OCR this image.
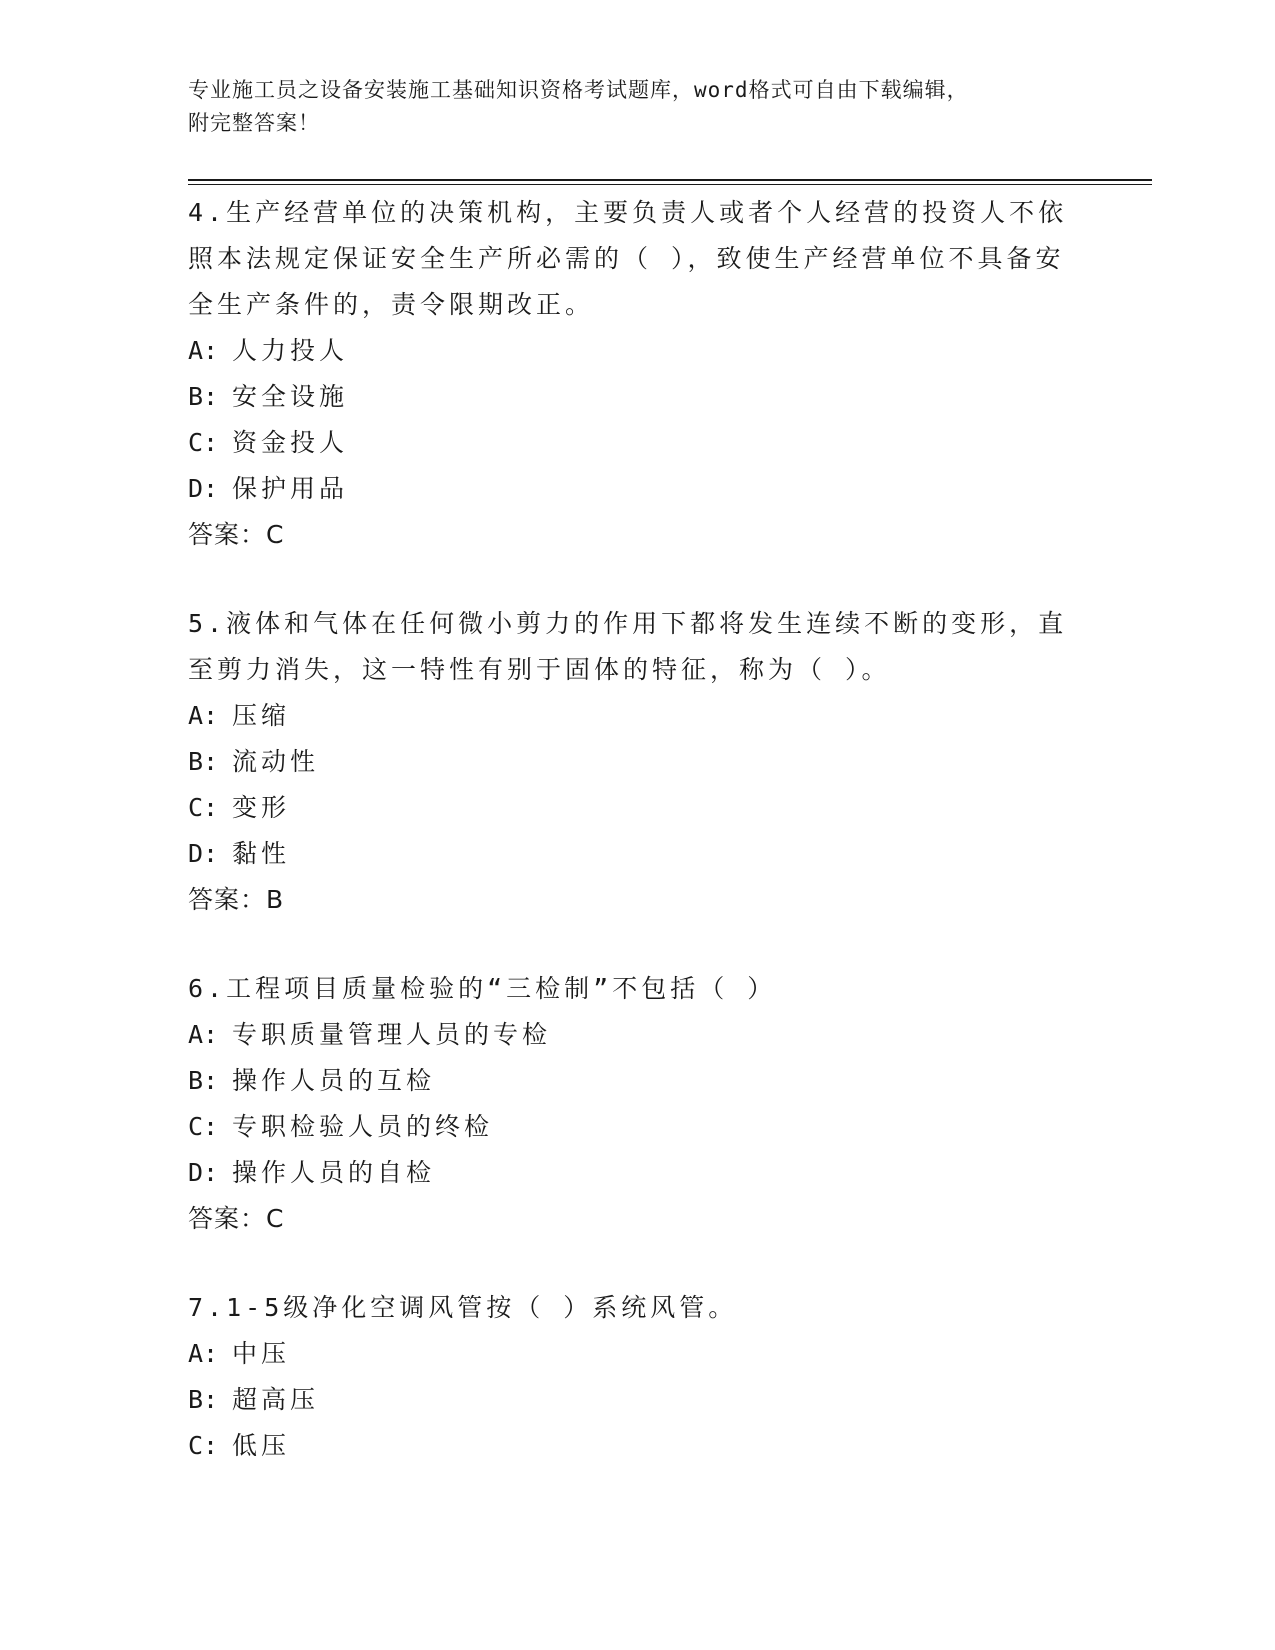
专业施工员之设备安装施工基础知识资格考试题库，word格式可自由下载编辑，
附完整答案！

4.生产经营单位的决策机构，主要负责人或者个人经营的投资人不依

照本法规定保证安全生产所必需的（ ），致使生产经营单位不具备安

全生产条件的，责令限期改正。

A: 人力投人

B: 安全设施

C: 资金投人

D: 保护用品

答案：C

5.液体和气体在任何微小剪力的作用下都将发生连续不断的变形，直

至剪力消失，这一特性有别于固体的特征，称为（ ）。

A: 压缩

B: 流动性

C: 变形

D: 黏性

答案：B

6.工程项目质量检验的“三检制”不包括（ ）

A: 专职质量管理人员的专检

B: 操作人员的互检

C: 专职检验人员的终检

D: 操作人员的自检

答案：C

7.1-5级净化空调风管按（ ）系统风管。

A: 中压

B: 超高压

C: 低压
